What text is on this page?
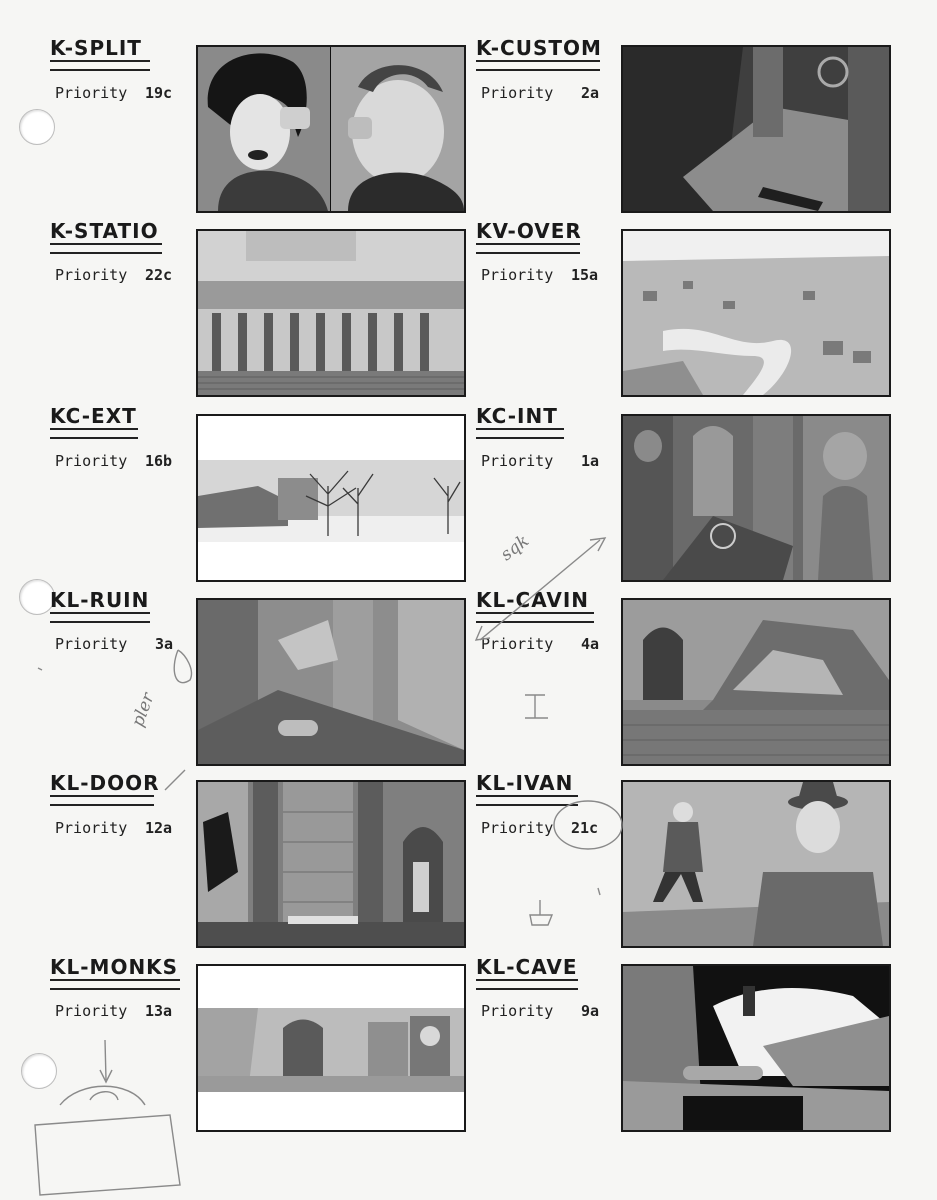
K-SPLIT
Priority 19c
K-STATIO
Priority 22c
KC-EXT
Priority 16b
KL-RUIN
Priority 3a
KL-DOOR
Priority 12a
KL-MONKS
Priority 13a
K-CUSTOM
Priority 2a
KV-OVER
Priority 15a
KC-INT
Priority 1a
KL-CAVIN
Priority 4a
KL-IVAN
Priority 21c
KL-CAVE
Priority 9a
sqk
pler
